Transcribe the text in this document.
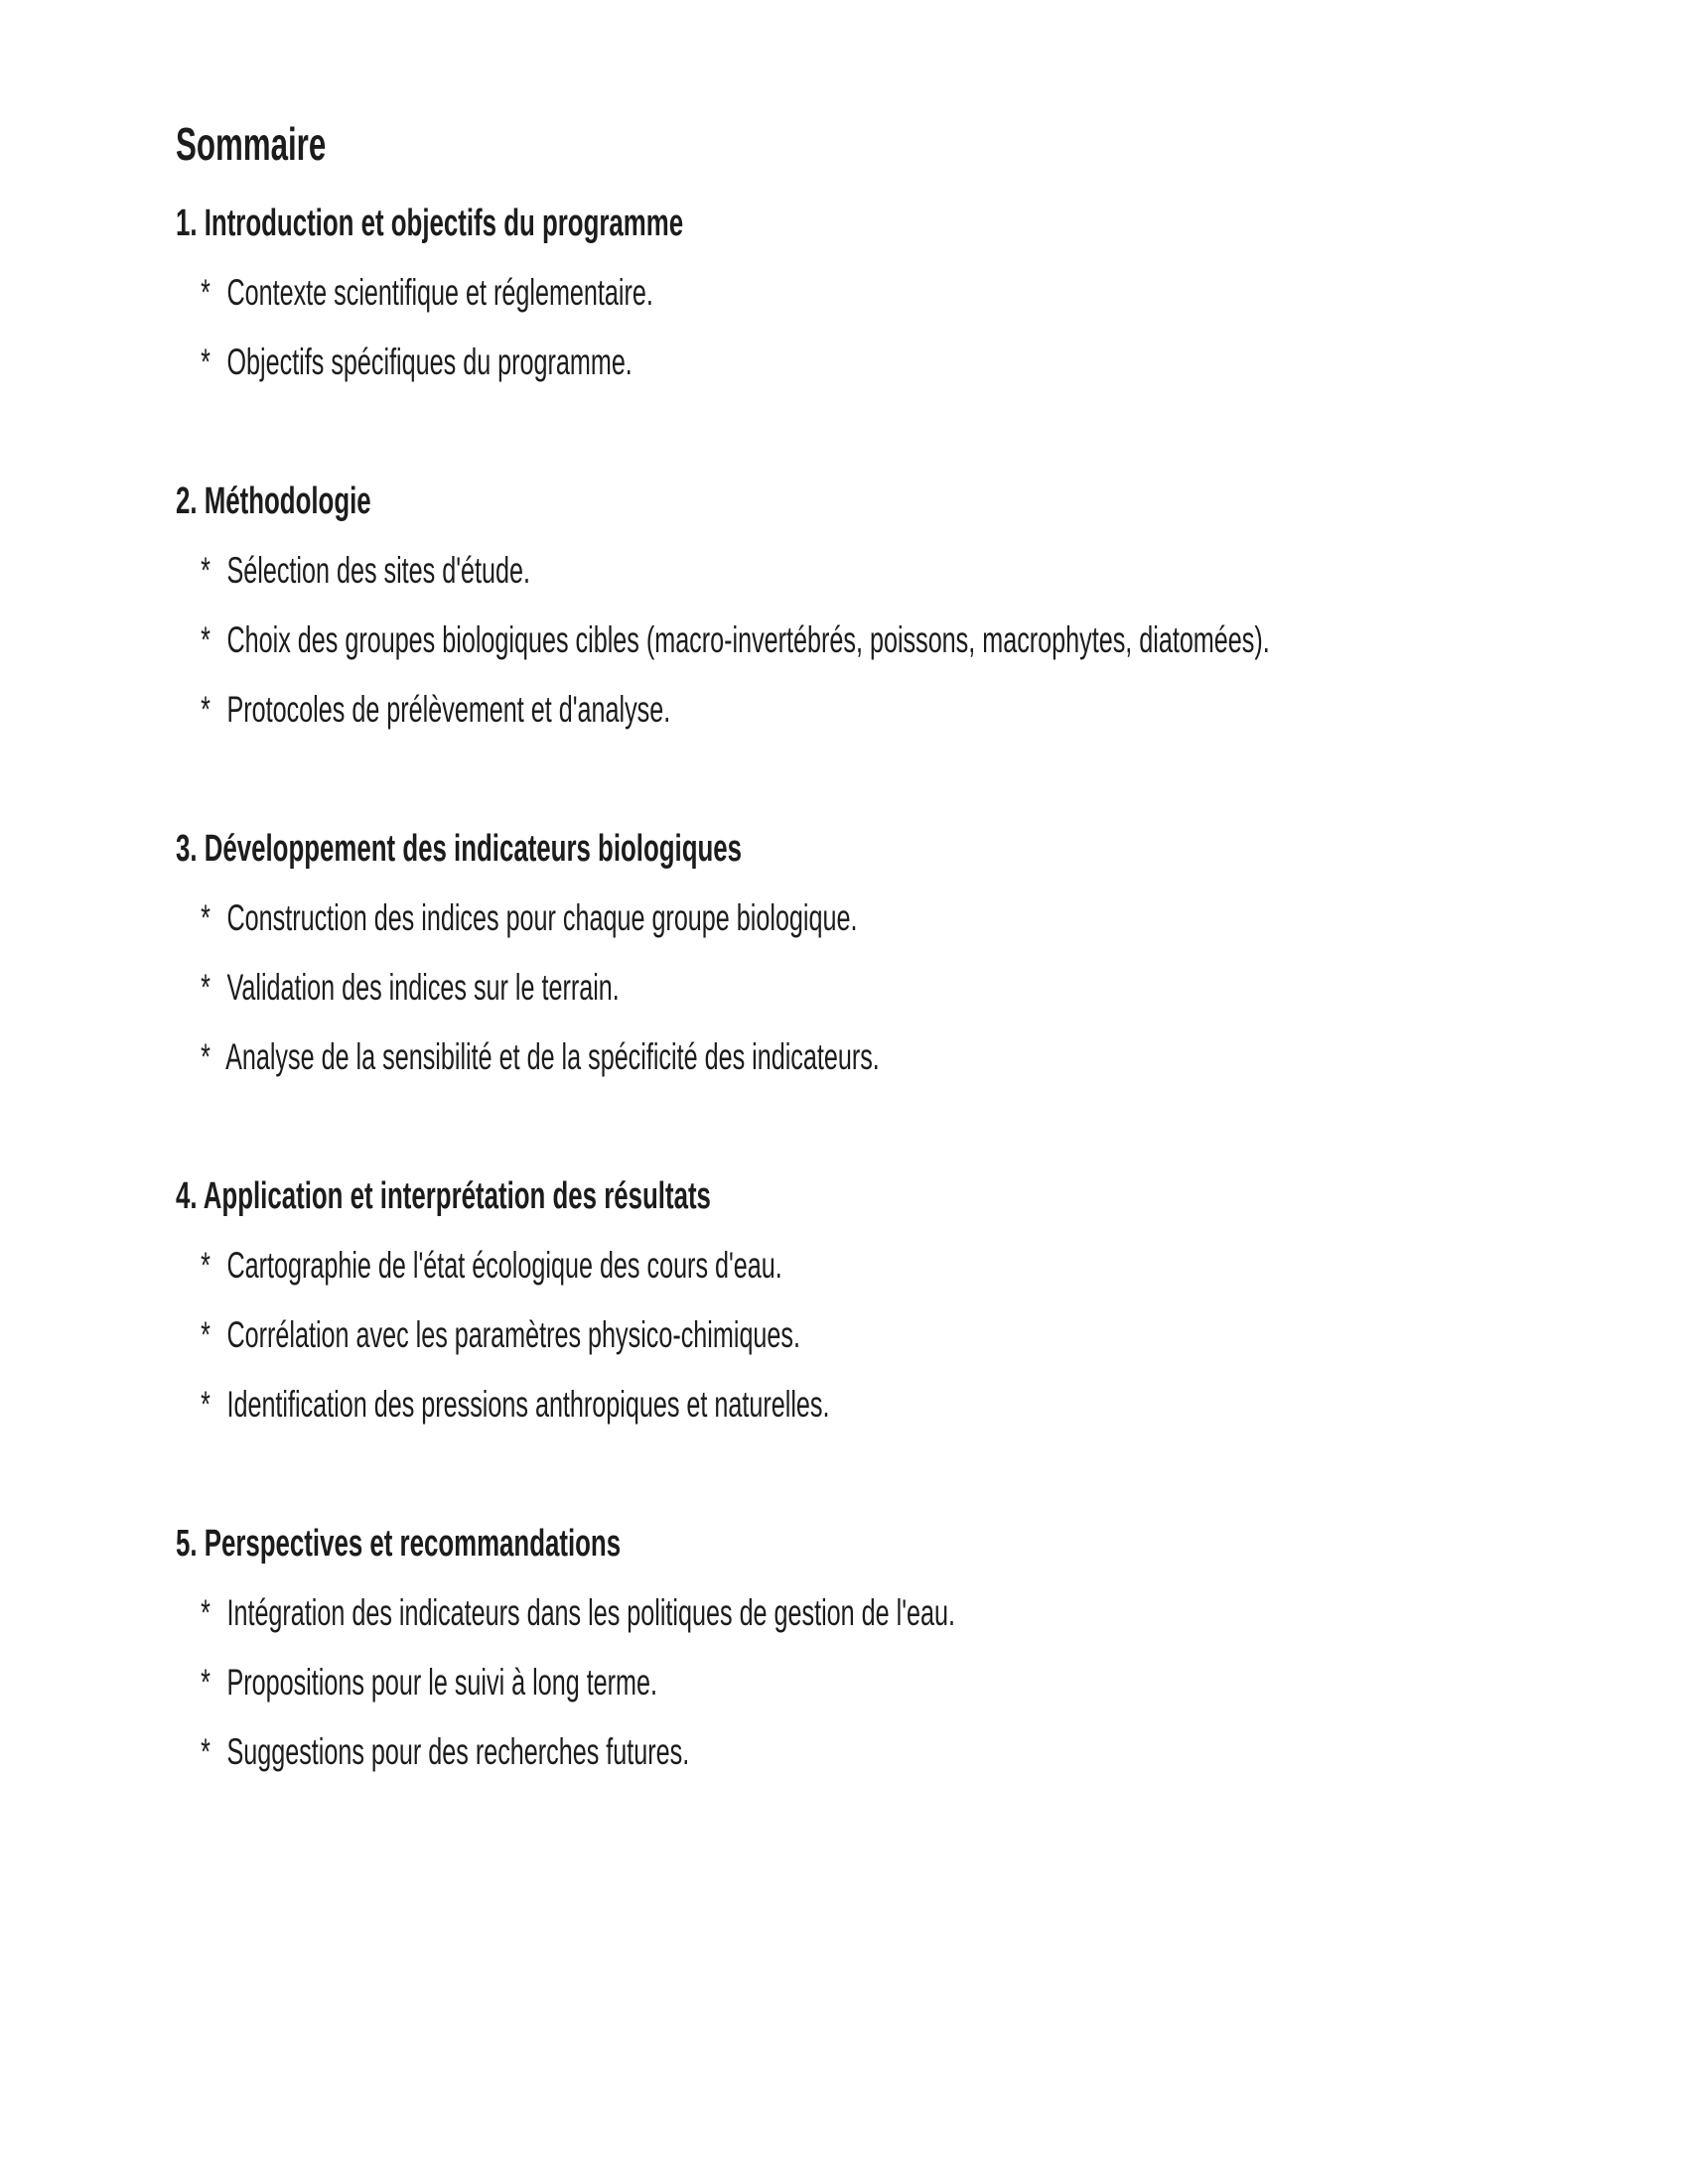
Sommaire
1. Introduction et objectifs du programme

* Contexte scientifique et réglementaire.

* Objectifs spécifiques du programme.

2. Méthodologie

* Sélection des sites d'étude.

* Choix des groupes biologiques cibles (macro-invertébrés, poissons, macrophytes, diatomées).

* Protocoles de prélèvement et d'analyse.

3. Développement des indicateurs biologiques

* Construction des indices pour chaque groupe biologique.

* Validation des indices sur le terrain.

* Analyse de la sensibilité et de la spécificité des indicateurs.

4. Application et interprétation des résultats

* Cartographie de l'état écologique des cours d'eau.

* Corrélation avec les paramètres physico-chimiques.

* Identification des pressions anthropiques et naturelles.

5. Perspectives et recommandations

* Intégration des indicateurs dans les politiques de gestion de l'eau.

* Propositions pour le suivi à long terme.

* Suggestions pour des recherches futures.
